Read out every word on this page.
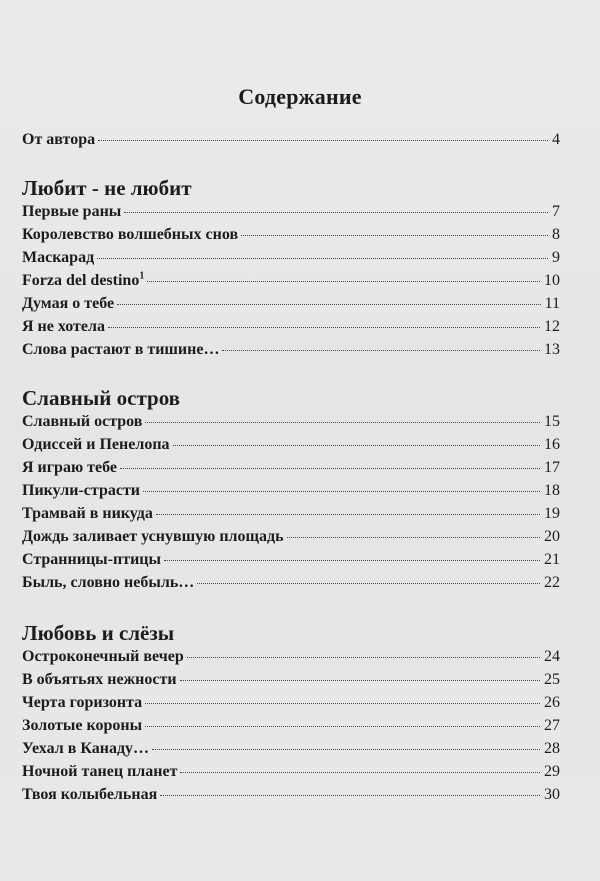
Содержание
От автора	4
Любит - не любит
Первые раны	7
Королевство волшебных снов	8
Маскарад	9
Forza del destino$^1$	10
Думая о тебе	11
Я не хотела	12
Слова растают в тишине…	13
Славный остров
Славный остров	15
Одиссей и Пенелопа	16
Я играю тебе	17
Пикули-страсти	18
Трамвай в никуда	19
Дождь заливает уснувшую площадь	20
Странницы-птицы	21
Быль, словно небыль…	22
Любовь и слёзы
Остроконечный вечер	24
В объятьях нежности	25
Черта горизонта	26
Золотые короны	27
Уехал в Канаду…	28
Ночной танец планет	29
Твоя колыбельная	30
